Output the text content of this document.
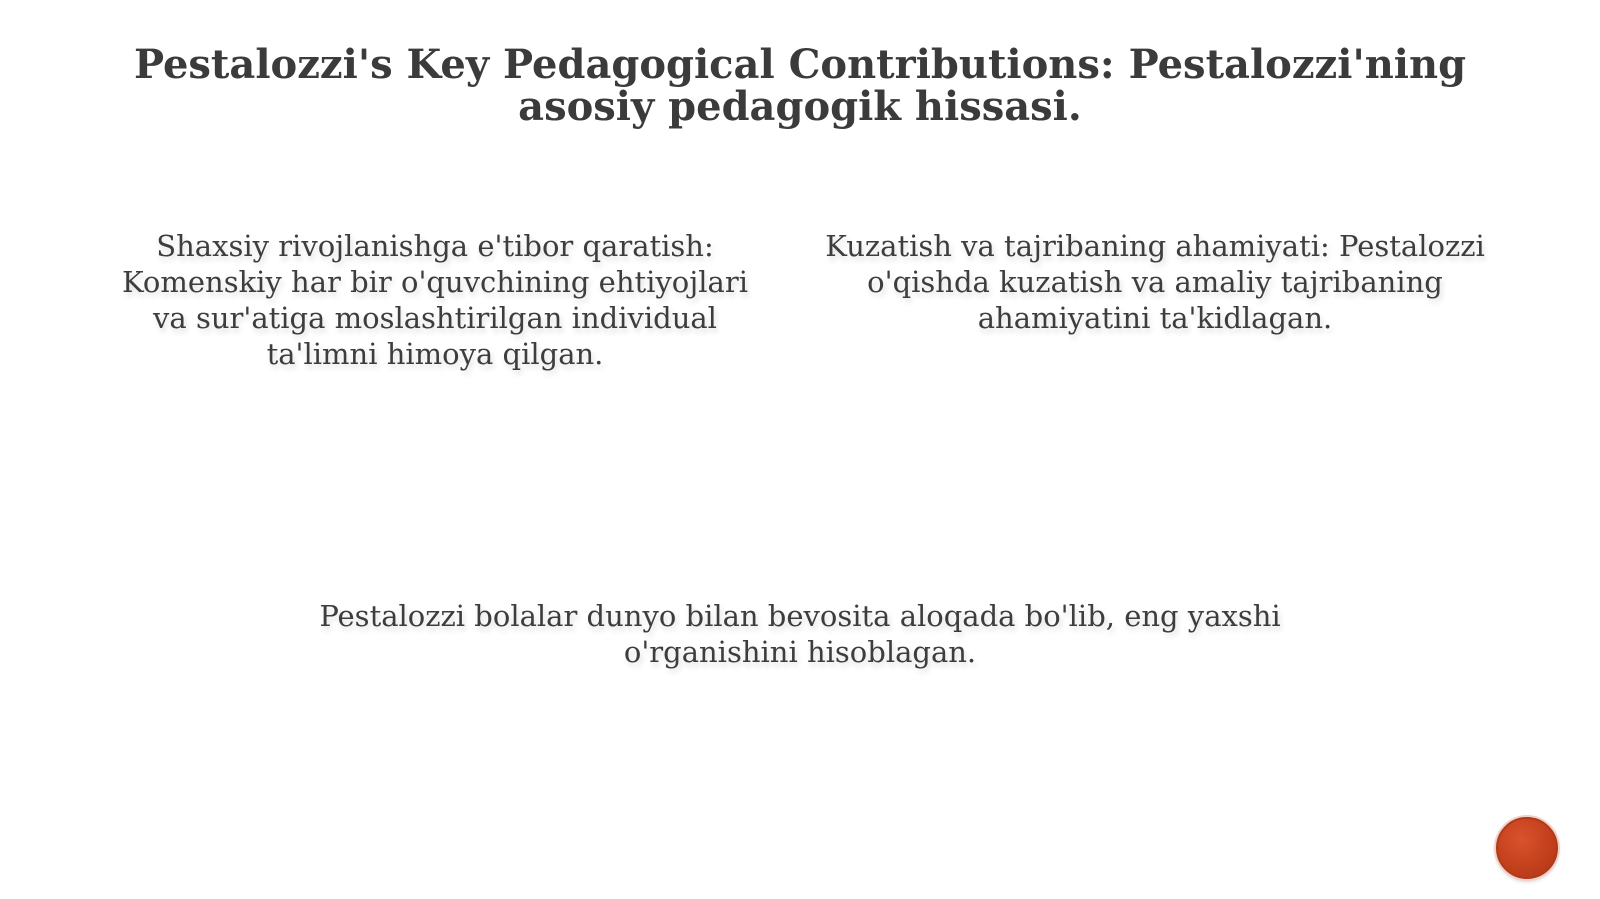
Pestalozzi's Key Pedagogical Contributions: Pestalozzi'ning asosiy pedagogik hissasi.

Shaxsiy rivojlanishga e'tibor qaratish: Komenskiy har bir o'quvchining ehtiyojlari va sur'atiga moslashtirilgan individual ta'limni himoya qilgan.

Kuzatish va tajribaning ahamiyati: Pestalozzi o'qishda kuzatish va amaliy tajribaning ahamiyatini ta'kidlagan.

Pestalozzi bolalar dunyo bilan bevosita aloqada bo'lib, eng yaxshi o'rganishini hisoblagan.
